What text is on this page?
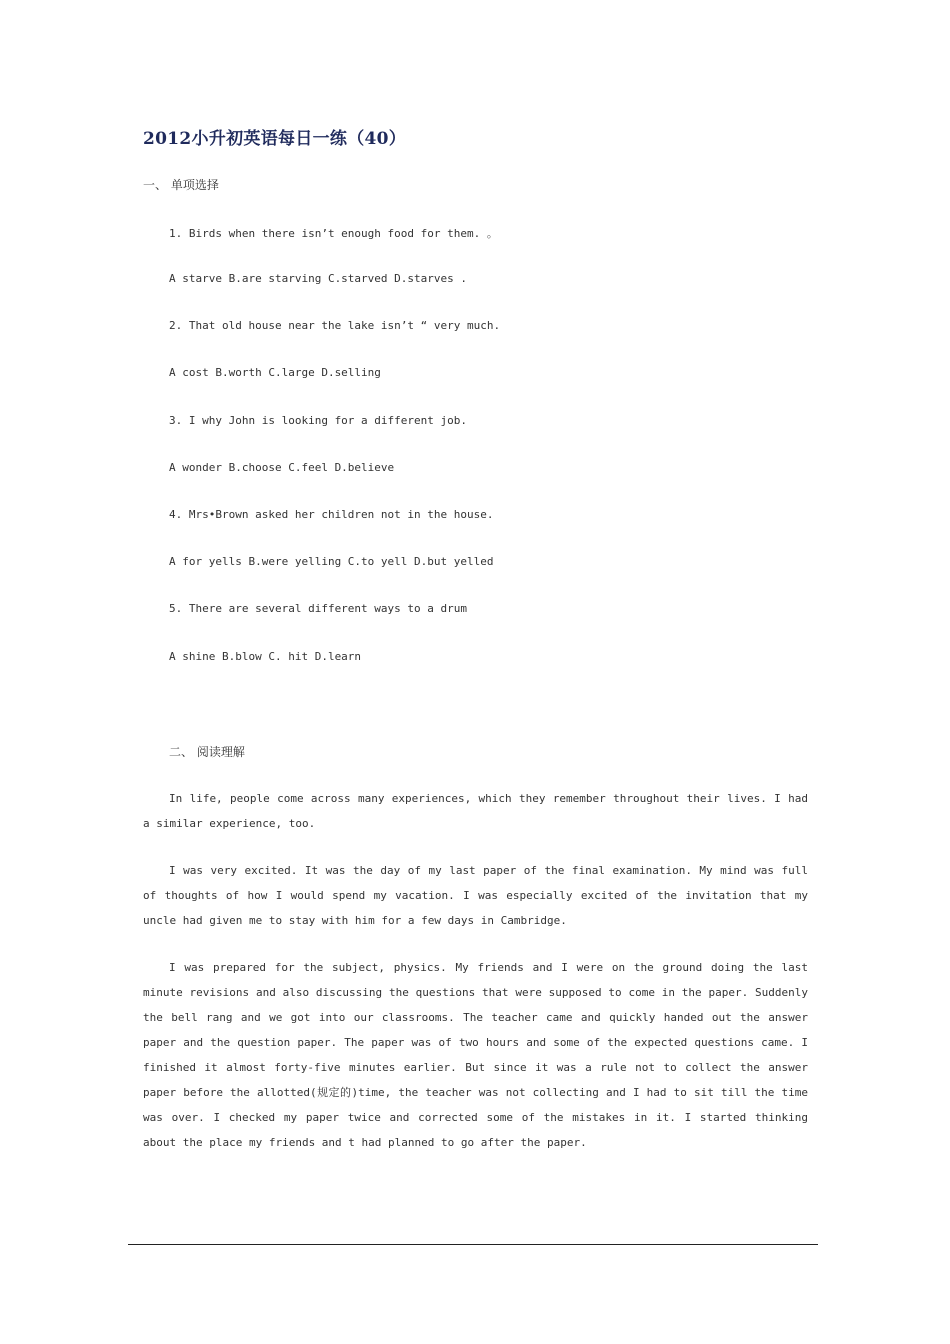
2012小升初英语每日一练（40）
一、 单项选择
1. Birds when there isn’t enough food for them. 。
A starve B.are starving C.starved D.starves .
2. That old house near the lake isn’t “ very much.
A cost B.worth C.large D.selling
3. I why John is looking for a different job.
A wonder B.choose C.feel D.believe
4. Mrs•Brown asked her children not in the house.
A for yells B.were yelling C.to yell D.but yelled
5. There are several different ways to a drum
A shine B.blow C. hit D.learn
二、 阅读理解

In life, people come across many experiences, which they remember throughout their lives. I had a similar experience, too.

I was very excited. It was the day of my last paper of the final examination. My mind was full of thoughts of how I would spend my vacation. I was especially excited of the invitation that my uncle had given me to stay with him for a few days in Cambridge.

I was prepared for the subject, physics. My friends and I were on the ground doing the last minute revisions and also discussing the questions that were supposed to come in the paper. Suddenly the bell rang and we got into our classrooms. The teacher came and quickly handed out the answer paper and the question paper. The paper was of two hours and some of the expected questions came. I finished it almost forty-five minutes earlier. But since it was a rule not to collect the answer paper before the allotted(规定的)time, the teacher was not collecting and I had to sit till the time was over. I checked my paper twice and corrected some of the mistakes in it. I started thinking about the place my friends and t had planned to go after the paper.
